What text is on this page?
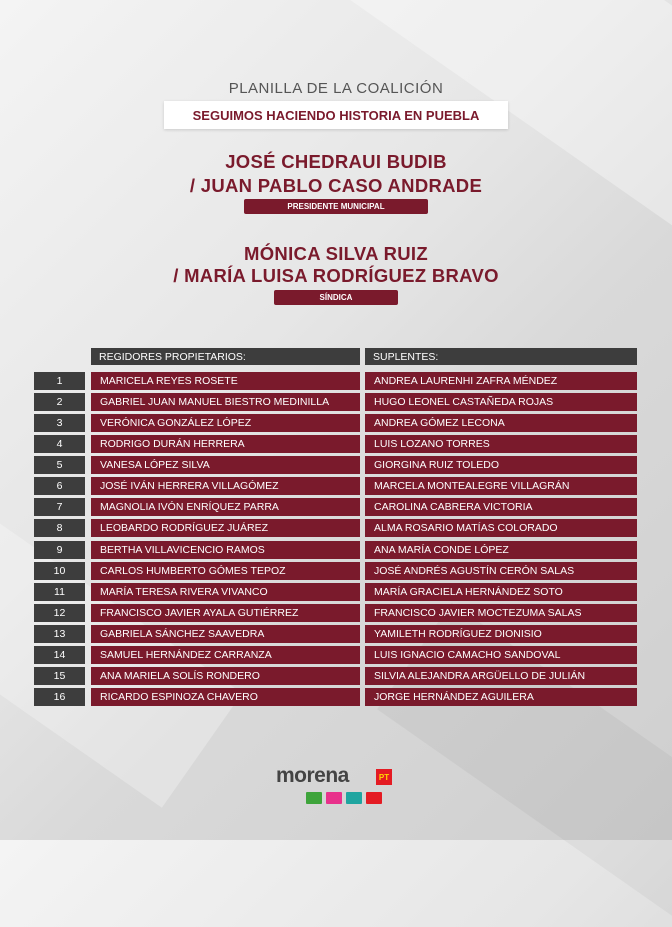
PLANILLA DE LA COALICIÓN
SEGUIMOS HACIENDO HISTORIA EN PUEBLA
JOSÉ CHEDRAUI BUDIB
/ JUAN PABLO CASO ANDRADE
PRESIDENTE MUNICIPAL
MÓNICA SILVA RUIZ
/ MARÍA LUISA RODRÍGUEZ BRAVO
SÍNDICA
REGIDORES PROPIETARIOS:	SUPLENTES:
1	MARICELA REYES ROSETE	ANDREA LAURENHI ZAFRA MÉNDEZ
2	GABRIEL JUAN MANUEL BIESTRO MEDINILLA	HUGO LEONEL CASTAÑEDA ROJAS
3	VERÓNICA GONZÁLEZ LÓPEZ	ANDREA GÓMEZ LECONA
4	RODRIGO DURÁN HERRERA	LUIS LOZANO TORRES
5	VANESA LÓPEZ SILVA	GIORGINA RUIZ TOLEDO
6	JOSÉ IVÁN HERRERA VILLAGÓMEZ	MARCELA MONTEALEGRE VILLAGRÁN
7	MAGNOLIA IVÓN ENRÍQUEZ PARRA	CAROLINA CABRERA VICTORIA
8	LEOBARDO RODRÍGUEZ JUÁREZ	ALMA ROSARIO MATÍAS COLORADO
9	BERTHA VILLAVICENCIO RAMOS	ANA MARÍA CONDE LÓPEZ
10	CARLOS HUMBERTO GÓMES TEPOZ	JOSÉ ANDRÉS AGUSTÍN CERÓN SALAS
11	MARÍA TERESA RIVERA VIVANCO	MARÍA GRACIELA HERNÁNDEZ SOTO
12	FRANCISCO JAVIER AYALA GUTIÉRREZ	FRANCISCO JAVIER MOCTEZUMA SALAS
13	GABRIELA SÁNCHEZ SAAVEDRA	YAMILETH RODRÍGUEZ DIONISIO
14	SAMUEL HERNÁNDEZ CARRANZA	LUIS IGNACIO CAMACHO SANDOVAL
15	ANA MARIELA SOLÍS RONDERO	SILVIA ALEJANDRA ARGÜELLO DE JULIÁN
16	RICARDO ESPINOZA CHAVERO	JORGE HERNÁNDEZ AGUILERA
morena	PT
